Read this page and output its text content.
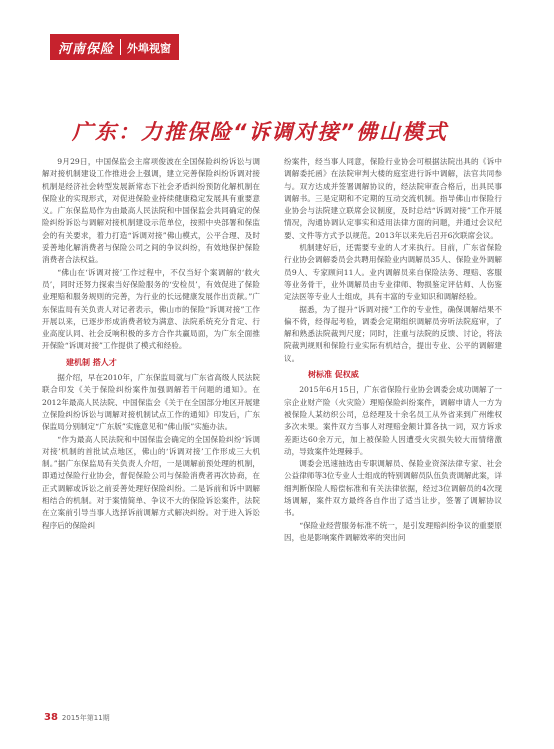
河南保险	外埠视窗
广东：力推保险“诉调对接”佛山模式

9月29日，中国保监会主席项俊波在全国保险纠纷诉讼与调解对接机制建设工作推进会上强调，建立完善保险纠纷诉调对接机制是经济社会转型发展新常态下社会矛盾纠纷预防化解机制在保险业的实现形式，对促进保险业持续健康稳定发展具有重要意义。广东保监局作为由最高人民法院和中国保监会共同确定的保险纠纷诉讼与调解对接机制建设示范单位，按照中央部署和保监会的有关要求，着力打造“诉调对接”佛山模式，公平合理、及时妥善地化解消费者与保险公司之间的争议纠纷，有效地保护保险消费者合法权益。

“佛山在‘诉调对接’工作过程中，不仅当好个案调解的‘救火员’，同时还努力探索当好保险服务的‘安检员’，有效促进了保险业理赔和服务规则的完善，为行业的长远健康发展作出贡献。”广东保监局有关负责人对记者表示，佛山市的保险“诉调对接”工作开展以来，已逐步形成消费者较为满意、法院系统充分肯定、行业高度认同、社会反响积极的多方合作共赢局面，为广东全面推开保险“诉调对接”工作提供了模式和经验。

建机制 搭人才

据介绍，早在2010年，广东保监局就与广东省高级人民法院联合印发《关于保险纠纷案件加强调解若干问题的通知》。在2012年最高人民法院、中国保监会《关于在全国部分地区开展建立保险纠纷诉讼与调解对接机制试点工作的通知》印发后，广东保监局分别制定“广东版”实施意见和“佛山版”实施办法。

“作为最高人民法院和中国保监会确定的全国保险纠纷‘诉调对接’机制的首批试点地区，佛山的‘诉调对接’工作形成三大机制。”据广东保监局有关负责人介绍，一是调解前预处理的机制，即通过保险行业协会，督促保险公司与保险消费者再次协商，在正式调解或诉讼之前妥善处理好保险纠纷。二是诉前和诉中调解相结合的机制。对于案情简单、争议不大的保险诉讼案件，法院在立案前引导当事人选择诉前调解方式解决纠纷。对于进入诉讼程序后的保险纠

纷案件，经当事人同意，保险行业协会可根据法院出具的《诉中调解委托函》在法院审判大楼的庭室进行诉中调解，法官共同参与。双方达成并签署调解协议的，经法院审查合格后，出具民事调解书。三是定期和不定期的互动交流机制。指导佛山市保险行业协会与法院建立联席会议制度，及时总结“诉调对接”工作开展情况，沟通协调认定事实和适用法律方面的问题，并通过会议纪要、文件等方式予以规范。2013年以来先后召开6次联席会议。

机制建好后，还需要专业的人才来执行。目前，广东省保险行业协会调解委员会共聘用保险业内调解员35人、保险业外调解员9人、专家顾问11人。业内调解员来自保险法务、理赔、客服等业务骨干，业外调解员由专业律师、物损鉴定评估师、人伤鉴定法医等专业人士组成，具有丰富的专业知识和调解经验。

据悉，为了提升“诉调对接”工作的专业性，确保调解结果不偏不倚，经得起考验，调委会定期组织调解员旁听法院庭审，了解和熟悉法院裁判尺度；同时，注重与法院的反馈、讨论，将法院裁判规则和保险行业实际有机结合，提出专业、公平的调解建议。

树标准 促权威

2015年6月15日，广东省保险行业协会调委会成功调解了一宗企业财产险（火灾险）理赔保险纠纷案件，调解申请人一方为被保险人某纺织公司，总经理及十余名员工从外省来到广州维权多次未果。案件双方当事人对理赔金额计算各执一词，双方诉求差距达60余万元，加上被保险人因遭受火灾损失较大而情绪激动，导致案件处理棘手。

调委会迅速抽选由专职调解员、保险业资深法律专家、社会公益律师等3位专业人士组成的特别调解员队伍负责调解此案，详细判断保险人赔偿标准和有关法律依据，经过3位调解员的4次现场调解，案件双方最终各自作出了适当让步，签署了调解协议书。

“保险业经营服务标准不统一，是引发理赔纠纷争议的重要原因，也是影响案件调解效率的突出问

38 2015年第11期
